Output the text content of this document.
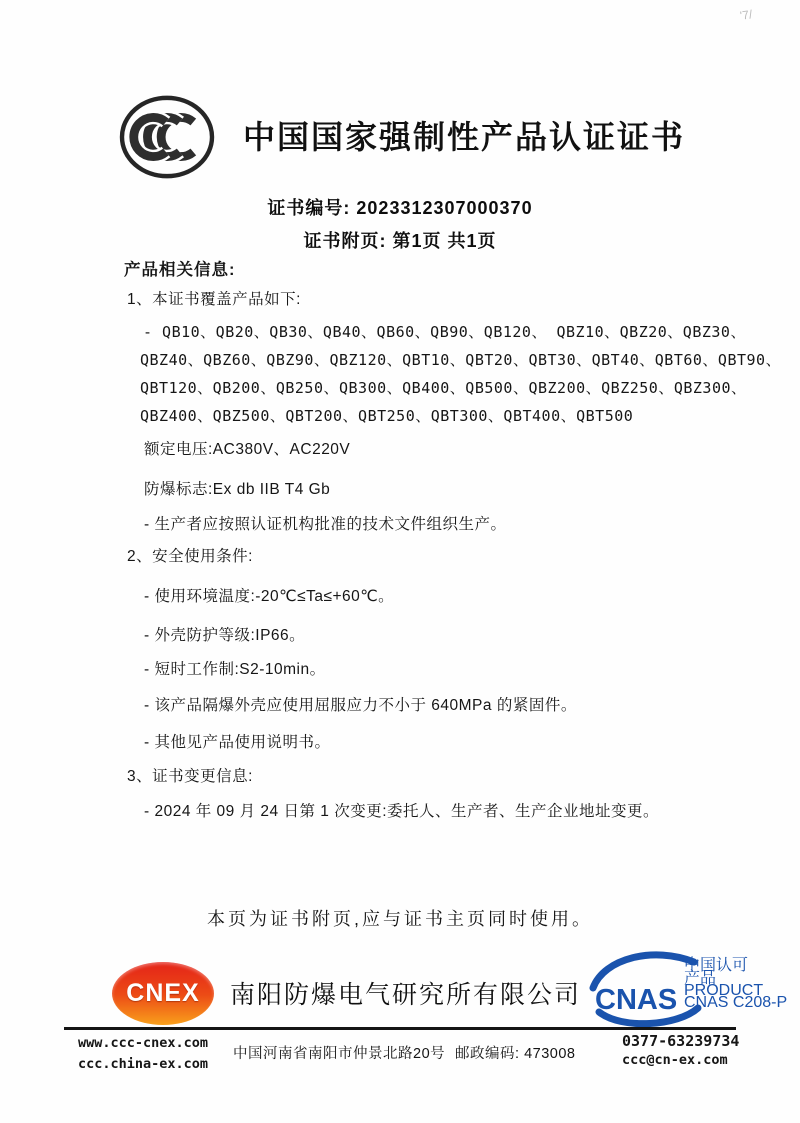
'7/
中国国家强制性产品认证证书
证书编号: 2023312307000370
证书附页: 第1页 共1页
产品相关信息:
1、本证书覆盖产品如下:
- QB10、QB20、QB30、QB40、QB60、QB90、QB120、 QBZ10、QBZ20、QBZ30、
QBZ40、QBZ60、QBZ90、QBZ120、QBT10、QBT20、QBT30、QBT40、QBT60、QBT90、
QBT120、QB200、QB250、QB300、QB400、QB500、QBZ200、QBZ250、QBZ300、
QBZ400、QBZ500、QBT200、QBT250、QBT300、QBT400、QBT500
额定电压:AC380V、AC220V
防爆标志:Ex db IIB T4 Gb
- 生产者应按照认证机构批准的技术文件组织生产。
2、安全使用条件:
- 使用环境温度:-20℃≤Ta≤+60℃。
- 外壳防护等级:IP66。
- 短时工作制:S2-10min。
- 该产品隔爆外壳应使用屈服应力不小于 640MPa 的紧固件。
- 其他见产品使用说明书。
3、证书变更信息:
- 2024 年 09 月 24 日第 1 次变更:委托人、生产者、生产企业地址变更。
本页为证书附页,应与证书主页同时使用。
CNEX 南阳防爆电气研究所有限公司 CNAS
中国认可
产品
PRODUCT
CNAS C208-P
www.ccc-cnex.com
ccc.china-ex.com
中国河南省南阳市仲景北路20号 邮政编码: 473008
0377-63239734
ccc@cn-ex.com
